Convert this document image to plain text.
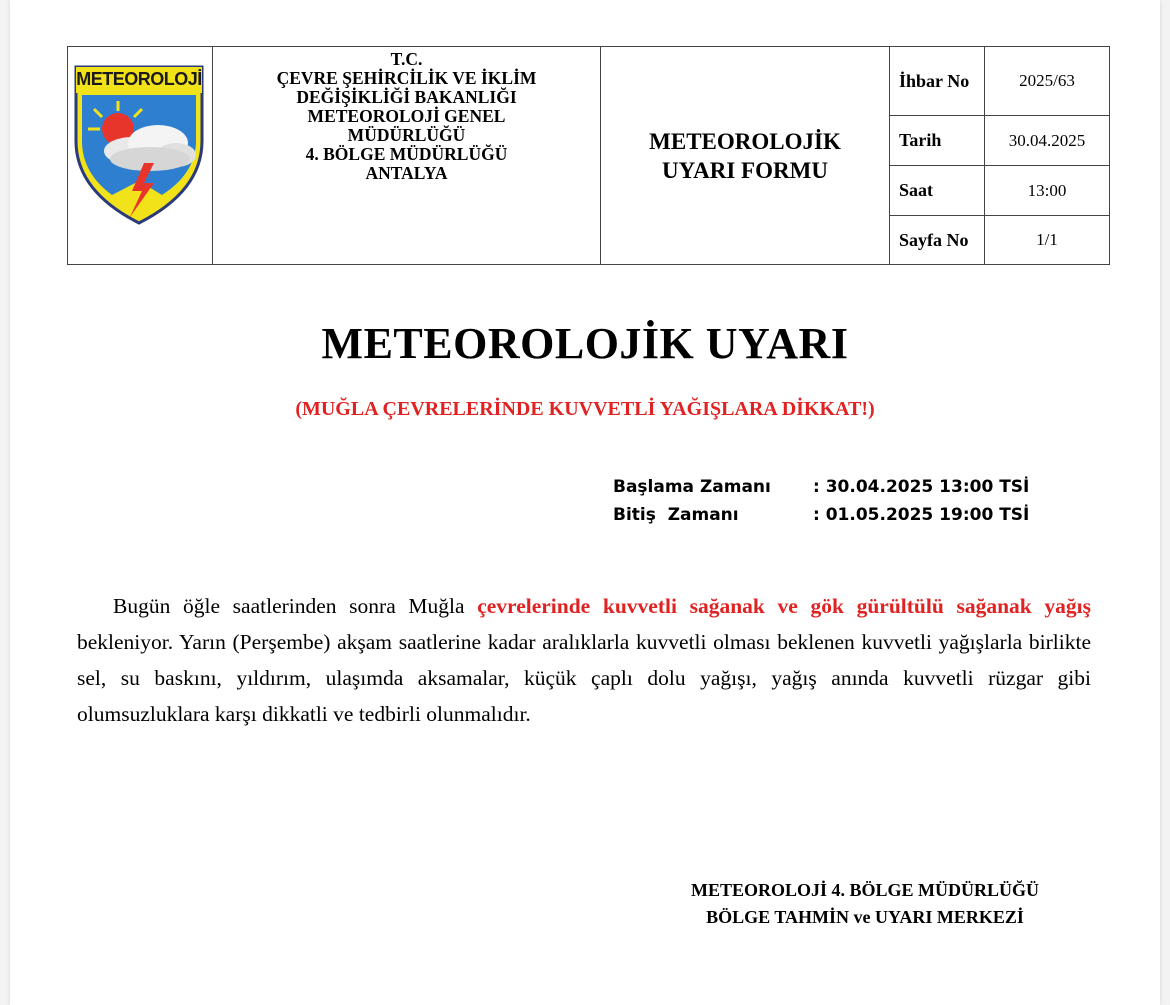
METEOROLOJİ
T.C.
ÇEVRE ŞEHİRCİLİK VE İKLİM
DEĞİŞİKLİĞİ BAKANLIĞI
METEOROLOJİ GENEL
MÜDÜRLÜĞÜ
4. BÖLGE MÜDÜRLÜĞÜ
ANTALYA
METEOROLOJİK
UYARI FORMU
İhbar No	2025/63
Tarih	30.04.2025
Saat	13:00
Sayfa No	1/1
METEOROLOJİK UYARI
(MUĞLA ÇEVRELERİNDE KUVVETLİ YAĞIŞLARA DİKKAT!)
Başlama Zamanı : 30.04.2025 13:00 TSİ
Bitiş  Zamanı	: 01.05.2025 19:00 TSİ
Bugün öğle saatlerinden sonra Muğla çevrelerinde kuvvetli sağanak ve gök gürültülü sağanak yağış bekleniyor. Yarın (Perşembe) akşam saatlerine kadar aralıklarla kuvvetli olması beklenen kuvvetli yağışlarla birlikte sel, su baskını, yıldırım, ulaşımda aksamalar, küçük çaplı dolu yağışı, yağış anında kuvvetli rüzgar gibi olumsuzluklara karşı dikkatli ve tedbirli olunmalıdır.
METEOROLOJİ 4. BÖLGE MÜDÜRLÜĞÜ
BÖLGE TAHMİN ve UYARI MERKEZİ
